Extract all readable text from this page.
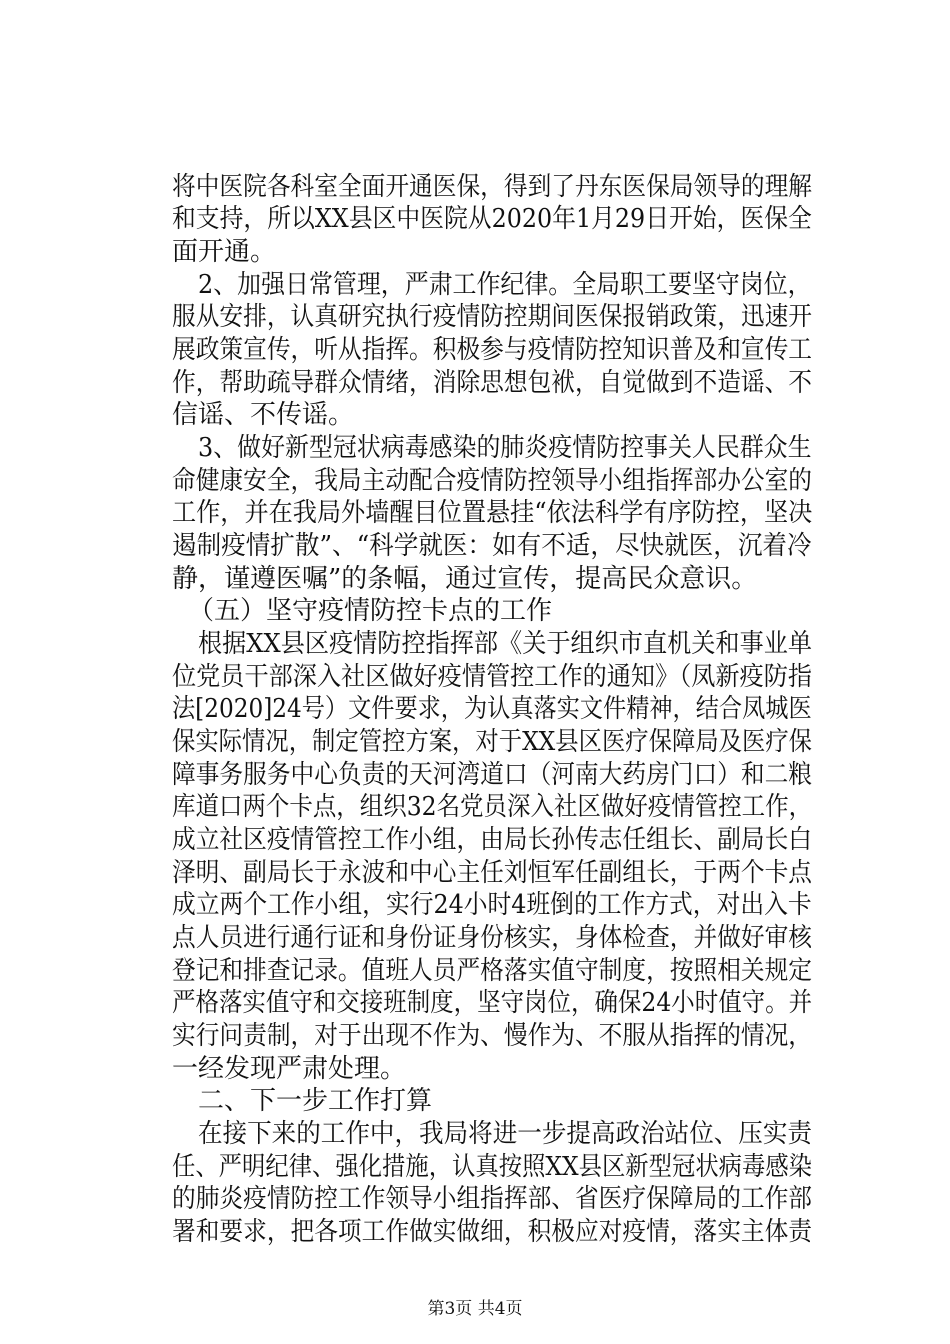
将中医院各科室全面开通医保，得到了丹东医保局领导的理解
和支持，所以XX县区中医院从2020年1月29日开始，医保全
面开通。
2、加强日常管理，严肃工作纪律。全局职工要坚守岗位，
服从安排，认真研究执行疫情防控期间医保报销政策，迅速开
展政策宣传，听从指挥。积极参与疫情防控知识普及和宣传工
作，帮助疏导群众情绪，消除思想包袱，自觉做到不造谣、不
信谣、不传谣。
3、做好新型冠状病毒感染的肺炎疫情防控事关人民群众生
命健康安全，我局主动配合疫情防控领导小组指挥部办公室的
工作，并在我局外墙醒目位置悬挂“依法科学有序防控，坚决
遏制疫情扩散”、“科学就医：如有不适，尽快就医，沉着冷
静，谨遵医嘱”的条幅，通过宣传，提高民众意识。
（五）坚守疫情防控卡点的工作
根据XX县区疫情防控指挥部《关于组织市直机关和事业单
位党员干部深入社区做好疫情管控工作的通知》（凤新疫防指
法[2020]24号）文件要求，为认真落实文件精神，结合凤城医
保实际情况，制定管控方案，对于XX县区医疗保障局及医疗保
障事务服务中心负责的天河湾道口（河南大药房门口）和二粮
库道口两个卡点，组织32名党员深入社区做好疫情管控工作，
成立社区疫情管控工作小组，由局长孙传志任组长、副局长白
泽明、副局长于永波和中心主任刘恒军任副组长，于两个卡点
成立两个工作小组，实行24小时4班倒的工作方式，对出入卡
点人员进行通行证和身份证身份核实，身体检查，并做好审核
登记和排查记录。值班人员严格落实值守制度，按照相关规定
严格落实值守和交接班制度，坚守岗位，确保24小时值守。并
实行问责制，对于出现不作为、慢作为、不服从指挥的情况，
一经发现严肃处理。
二、下一步工作打算
在接下来的工作中，我局将进一步提高政治站位、压实责
任、严明纪律、强化措施，认真按照XX县区新型冠状病毒感染
的肺炎疫情防控工作领导小组指挥部、省医疗保障局的工作部
署和要求，把各项工作做实做细，积极应对疫情，落实主体责
第3页 共4页
